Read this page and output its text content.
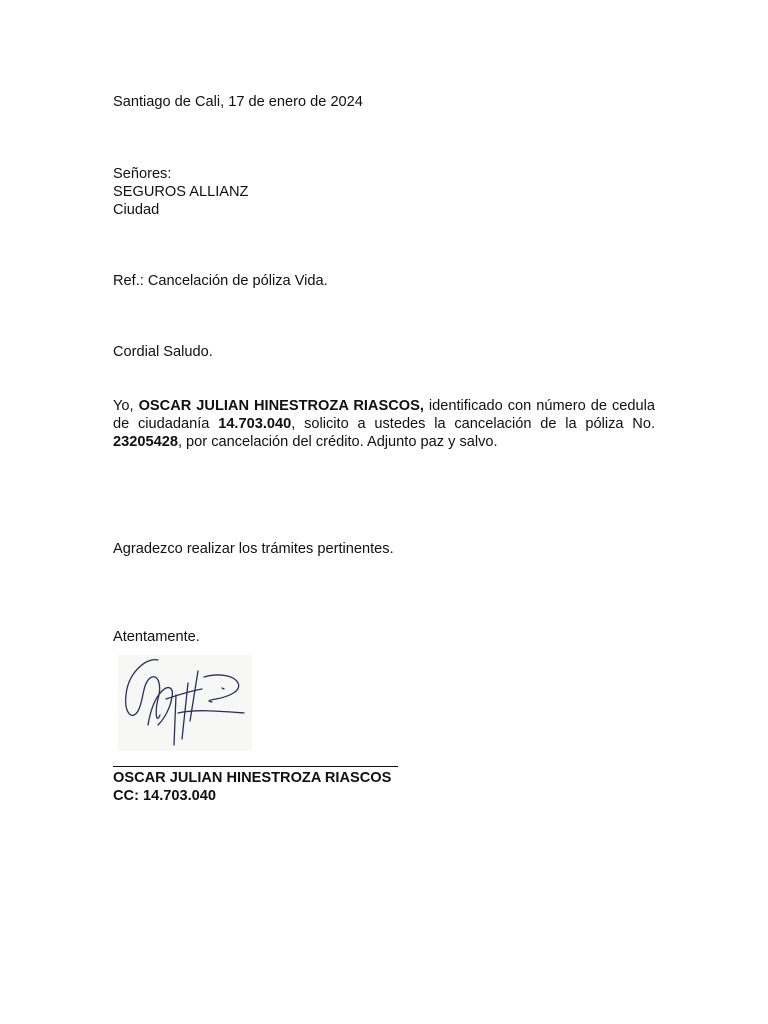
Santiago de Cali, 17 de enero de 2024
Señores:
SEGUROS ALLIANZ
Ciudad
Ref.: Cancelación de póliza Vida.
Cordial Saludo.
Yo, OSCAR JULIAN HINESTROZA RIASCOS, identificado con número de cedula de ciudadanía 14.703.040, solicito a ustedes la cancelación de la póliza No. 23205428, por cancelación del crédito. Adjunto paz y salvo.
Agradezco realizar los trámites pertinentes.
Atentamente.
OSCAR JULIAN HINESTROZA RIASCOS
CC: 14.703.040
